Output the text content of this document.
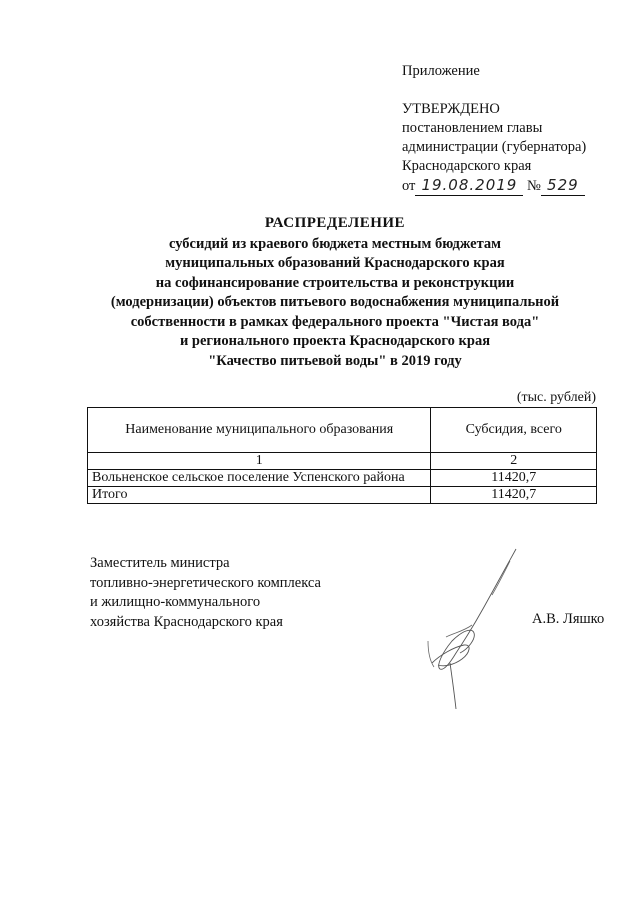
Приложение
УТВЕРЖДЕНО
постановлением главы
администрации (губернатора)
Краснодарского края
от 19.08.2019 № 529
РАСПРЕДЕЛЕНИЕ
субсидий из краевого бюджета местным бюджетам
муниципальных образований Краснодарского края
на софинансирование строительства и реконструкции
(модернизации) объектов питьевого водоснабжения муниципальной
собственности в рамках федерального проекта "Чистая вода"
и регионального проекта Краснодарского края
"Качество питьевой воды" в 2019 году
(тыс. рублей)
Наименование муниципального образования	Субсидия, всего
1	2
Вольненское сельское поселение Успенского района	11420,7
Итого	11420,7
Заместитель министра
топливно-энергетического комплекса
и жилищно-коммунального
хозяйства Краснодарского края	А.В. Ляшко
